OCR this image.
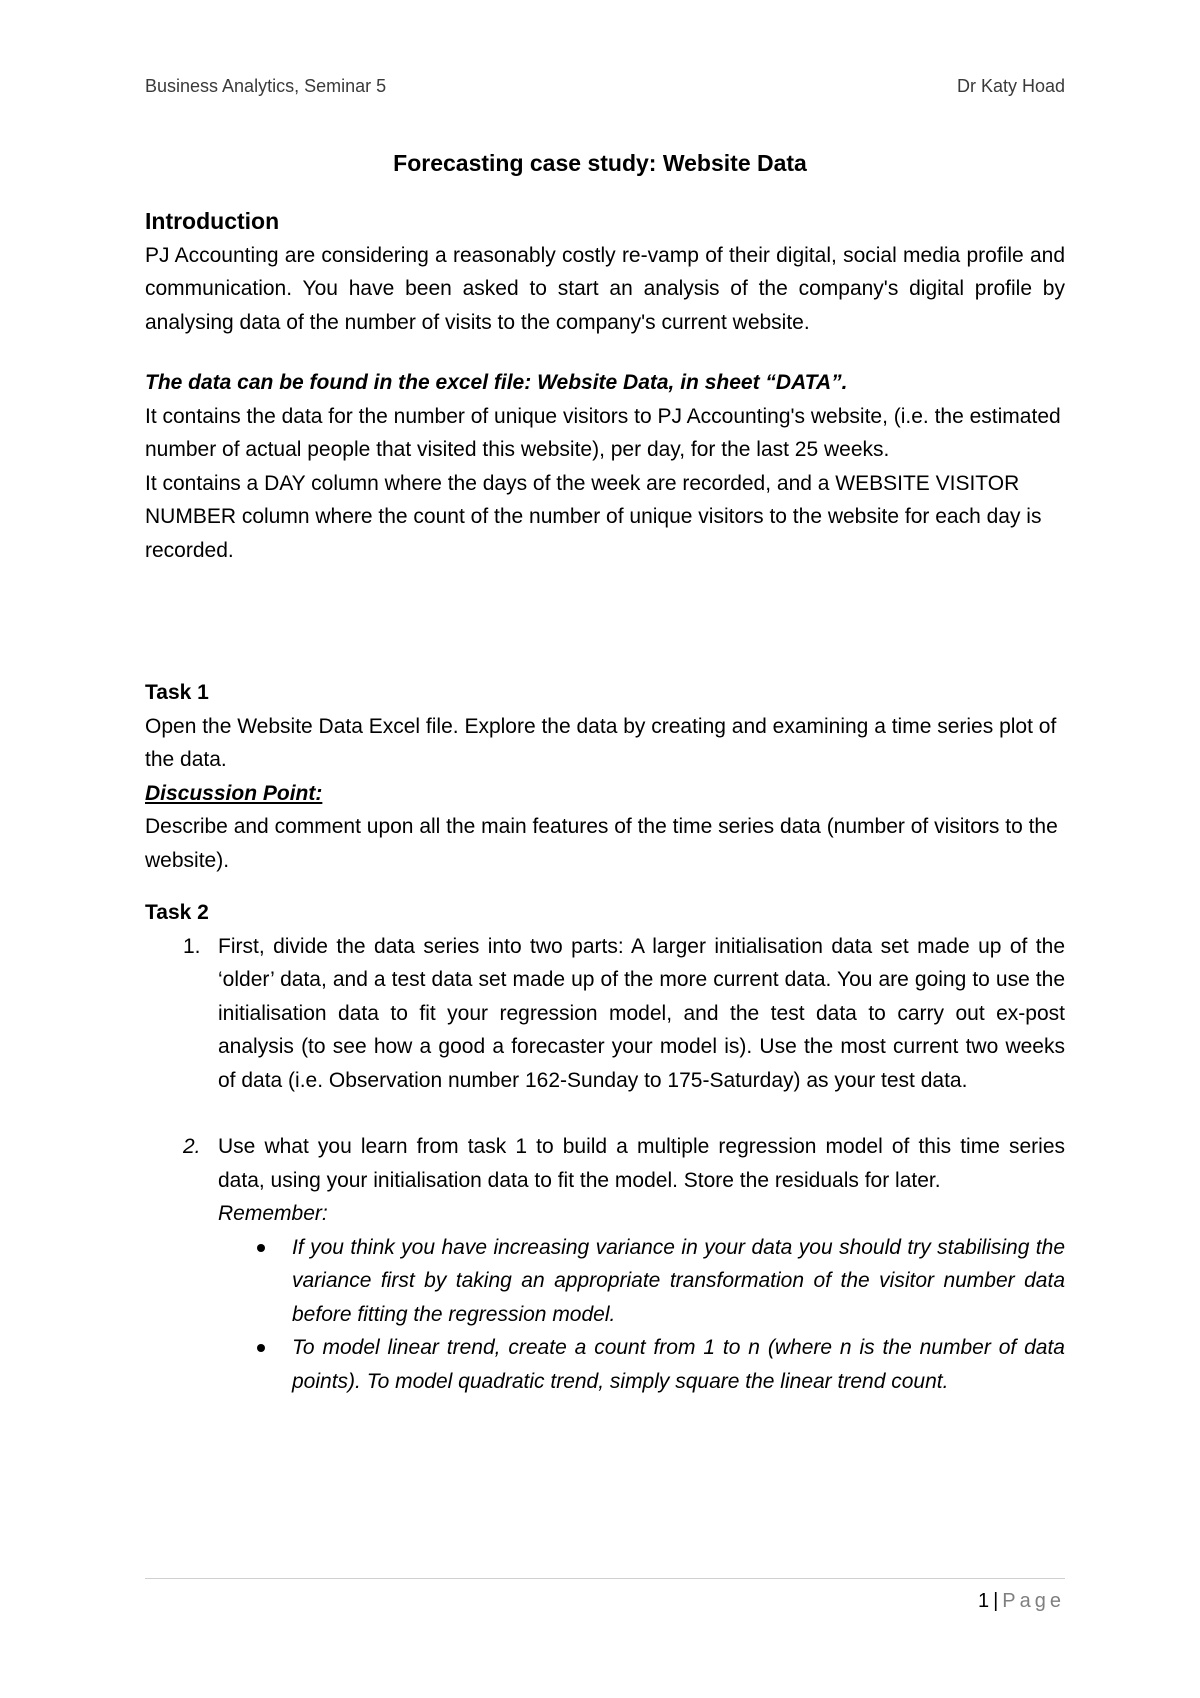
Business Analytics, Seminar 5	Dr Katy Hoad
Forecasting case study: Website Data

Introduction

PJ Accounting are considering a reasonably costly re-vamp of their digital, social media profile and communication. You have been asked to start an analysis of the company's digital profile by analysing data of the number of visits to the company's current website.

The data can be found in the excel file: Website Data, in sheet “DATA”.

It contains the data for the number of unique visitors to PJ Accounting's website, (i.e. the estimated number of actual people that visited this website), per day, for the last 25 weeks.

It contains a DAY column where the days of the week are recorded, and a WEBSITE VISITOR NUMBER column where the count of the number of unique visitors to the website for each day is recorded.

Task 1

Open the Website Data Excel file. Explore the data by creating and examining a time series plot of the data.

Discussion Point:

Describe and comment upon all the main features of the time series data (number of visitors to the website).

Task 2

1. First, divide the data series into two parts: A larger initialisation data set made up of the ‘older’ data, and a test data set made up of the more current data. You are going to use the initialisation data to fit your regression model, and the test data to carry out ex-post analysis (to see how a good a forecaster your model is). Use the most current two weeks of data (i.e. Observation number 162-Sunday to 175-Saturday) as your test data.
2. Use what you learn from task 1 to build a multiple regression model of this time series data, using your initialisation data to fit the model. Store the residuals for later.

Remember:

If you think you have increasing variance in your data you should try stabilising the variance first by taking an appropriate transformation of the visitor number data before fitting the regression model.
To model linear trend, create a count from 1 to n (where n is the number of data points). To model quadratic trend, simply square the linear trend count.
1 | Page
